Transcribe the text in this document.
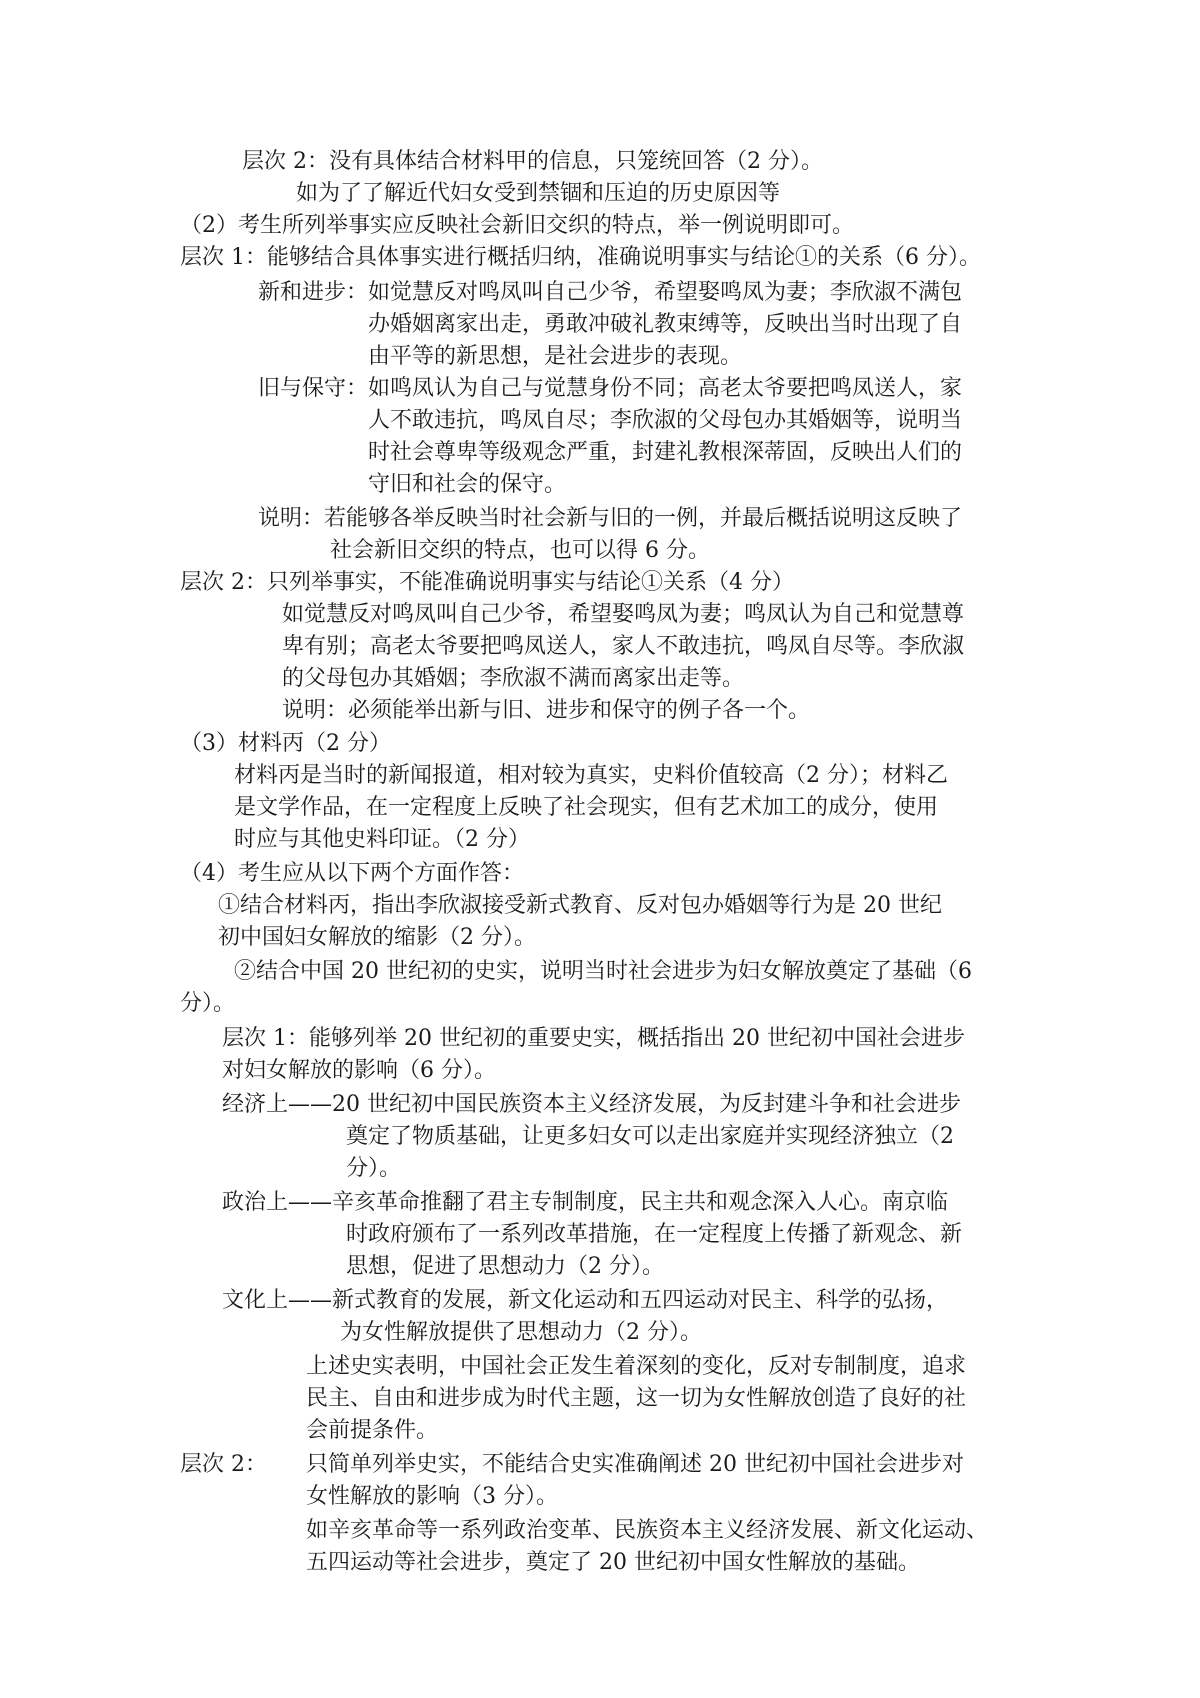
层次 2：没有具体结合材料甲的信息，只笼统回答（2 分）。

如为了了解近代妇女受到禁锢和压迫的历史原因等

（2）考生所列举事实应反映社会新旧交织的特点，举一例说明即可。

层次 1：能够结合具体事实进行概括归纳，准确说明事实与结论①的关系（6 分）。

新和进步：如觉慧反对鸣凤叫自己少爷，希望娶鸣凤为妻；李欣淑不满包

办婚姻离家出走，勇敢冲破礼教束缚等，反映出当时出现了自

由平等的新思想，是社会进步的表现。

旧与保守：如鸣凤认为自己与觉慧身份不同；高老太爷要把鸣凤送人，家

人不敢违抗，鸣凤自尽；李欣淑的父母包办其婚姻等，说明当

时社会尊卑等级观念严重，封建礼教根深蒂固，反映出人们的

守旧和社会的保守。

说明：若能够各举反映当时社会新与旧的一例，并最后概括说明这反映了

社会新旧交织的特点，也可以得 6 分。

层次 2：只列举事实，不能准确说明事实与结论①关系（4 分）

如觉慧反对鸣凤叫自己少爷，希望娶鸣凤为妻；鸣凤认为自己和觉慧尊

卑有别；高老太爷要把鸣凤送人，家人不敢违抗，鸣凤自尽等。李欣淑

的父母包办其婚姻；李欣淑不满而离家出走等。

说明：必须能举出新与旧、进步和保守的例子各一个。

（3）材料丙（2 分）

材料丙是当时的新闻报道，相对较为真实，史料价值较高（2 分）；材料乙

是文学作品，在一定程度上反映了社会现实，但有艺术加工的成分，使用

时应与其他史料印证。（2 分）

（4）考生应从以下两个方面作答：

①结合材料丙，指出李欣淑接受新式教育、反对包办婚姻等行为是 20 世纪

初中国妇女解放的缩影（2 分）。

②结合中国 20 世纪初的史实，说明当时社会进步为妇女解放奠定了基础（6

分）。

层次 1：能够列举 20 世纪初的重要史实，概括指出 20 世纪初中国社会进步

对妇女解放的影响（6 分）。

经济上——20 世纪初中国民族资本主义经济发展，为反封建斗争和社会进步

奠定了物质基础，让更多妇女可以走出家庭并实现经济独立（2

分）。

政治上——辛亥革命推翻了君主专制制度，民主共和观念深入人心。南京临

时政府颁布了一系列改革措施，在一定程度上传播了新观念、新

思想，促进了思想动力（2 分）。

文化上——新式教育的发展，新文化运动和五四运动对民主、科学的弘扬，

为女性解放提供了思想动力（2 分）。

上述史实表明，中国社会正发生着深刻的变化，反对专制制度，追求

民主、自由和进步成为时代主题，这一切为女性解放创造了良好的社

会前提条件。

层次 2： 只简单列举史实，不能结合史实准确阐述 20 世纪初中国社会进步对

女性解放的影响（3 分）。

如辛亥革命等一系列政治变革、民族资本主义经济发展、新文化运动、

五四运动等社会进步，奠定了 20 世纪初中国女性解放的基础。
